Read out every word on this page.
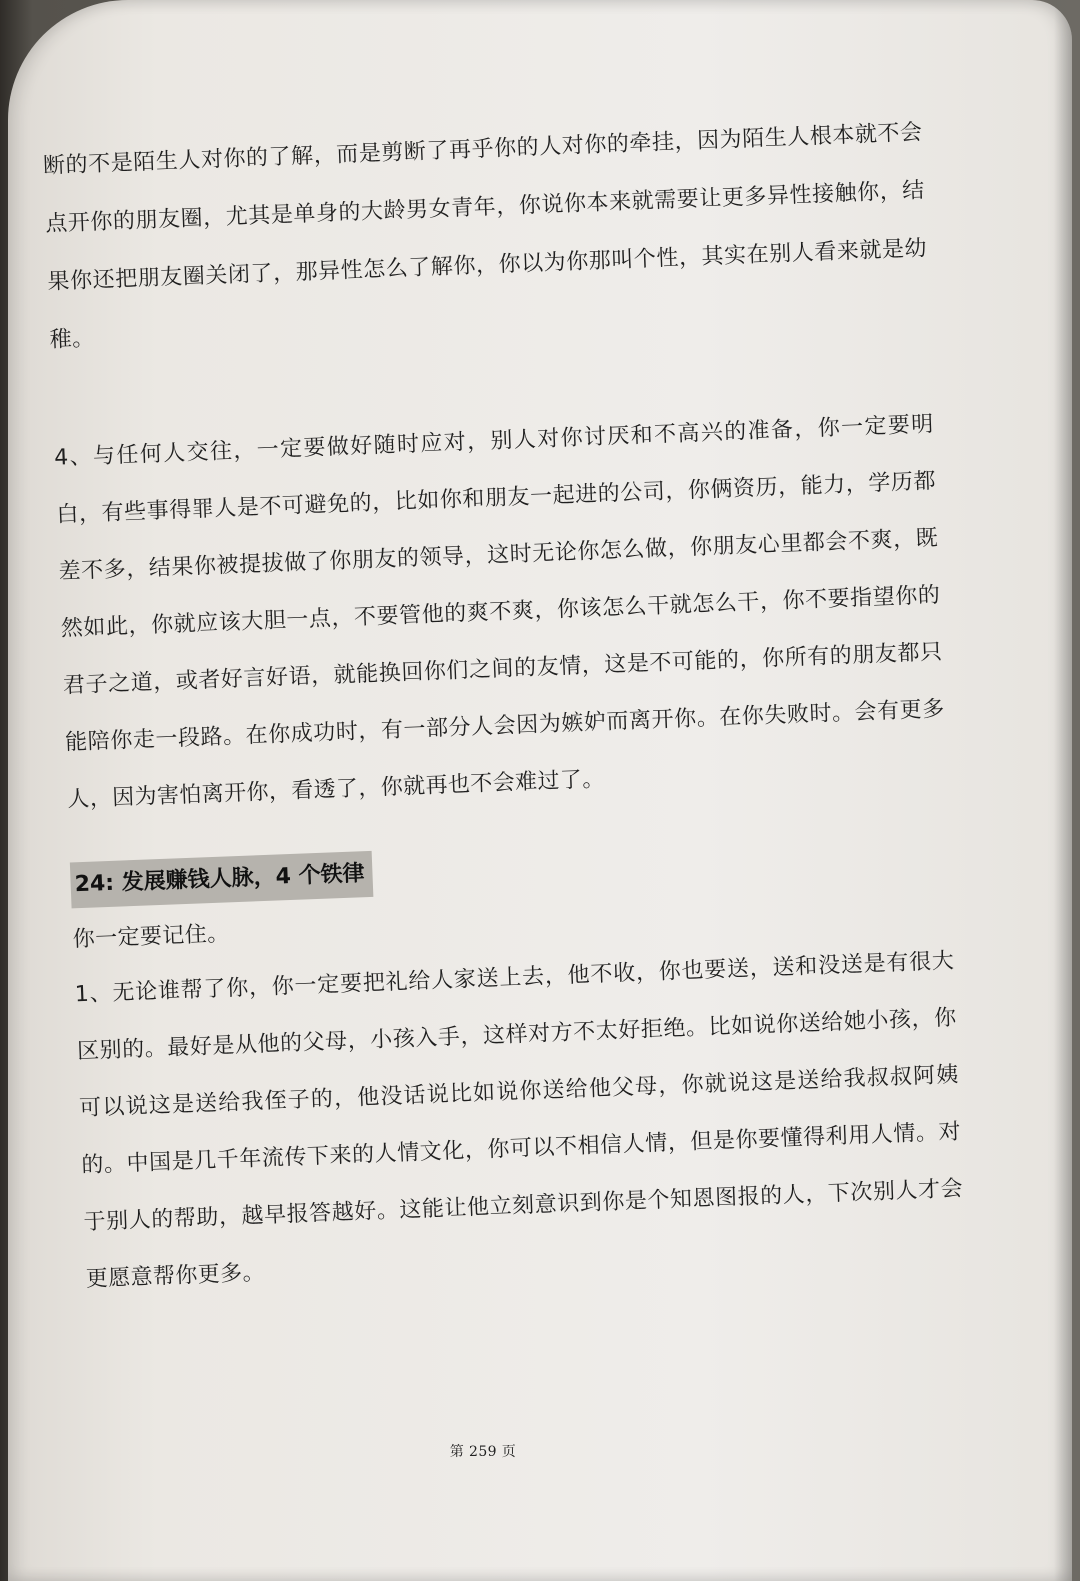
断的不是陌生人对你的了解，而是剪断了再乎你的人对你的牵挂，因为陌生人根本就不会点开你的朋友圈，尤其是单身的大龄男女青年，你说你本来就需要让更多异性接触你，结果你还把朋友圈关闭了，那异性怎么了解你，你以为你那叫个性，其实在别人看来就是幼稚。

4、与任何人交往，一定要做好随时应对，别人对你讨厌和不高兴的准备，你一定要明白，有些事得罪人是不可避免的，比如你和朋友一起进的公司，你俩资历，能力，学历都差不多，结果你被提拔做了你朋友的领导，这时无论你怎么做，你朋友心里都会不爽，既然如此，你就应该大胆一点，不要管他的爽不爽，你该怎么干就怎么干，你不要指望你的君子之道，或者好言好语，就能换回你们之间的友情，这是不可能的，你所有的朋友都只能陪你走一段路。在你成功时，有一部分人会因为嫉妒而离开你。在你失败时。会有更多人，因为害怕离开你，看透了，你就再也不会难过了。

24: 发展赚钱人脉，4 个铁律

你一定要记住。

1、无论谁帮了你，你一定要把礼给人家送上去，他不收，你也要送，送和没送是有很大区别的。最好是从他的父母，小孩入手，这样对方不太好拒绝。比如说你送给她小孩，你可以说这是送给我侄子的，他没话说比如说你送给他父母，你就说这是送给我叔叔阿姨的。中国是几千年流传下来的人情文化，你可以不相信人情，但是你要懂得利用人情。对于别人的帮助，越早报答越好。这能让他立刻意识到你是个知恩图报的人，下次别人才会更愿意帮你更多。

第 259 页
